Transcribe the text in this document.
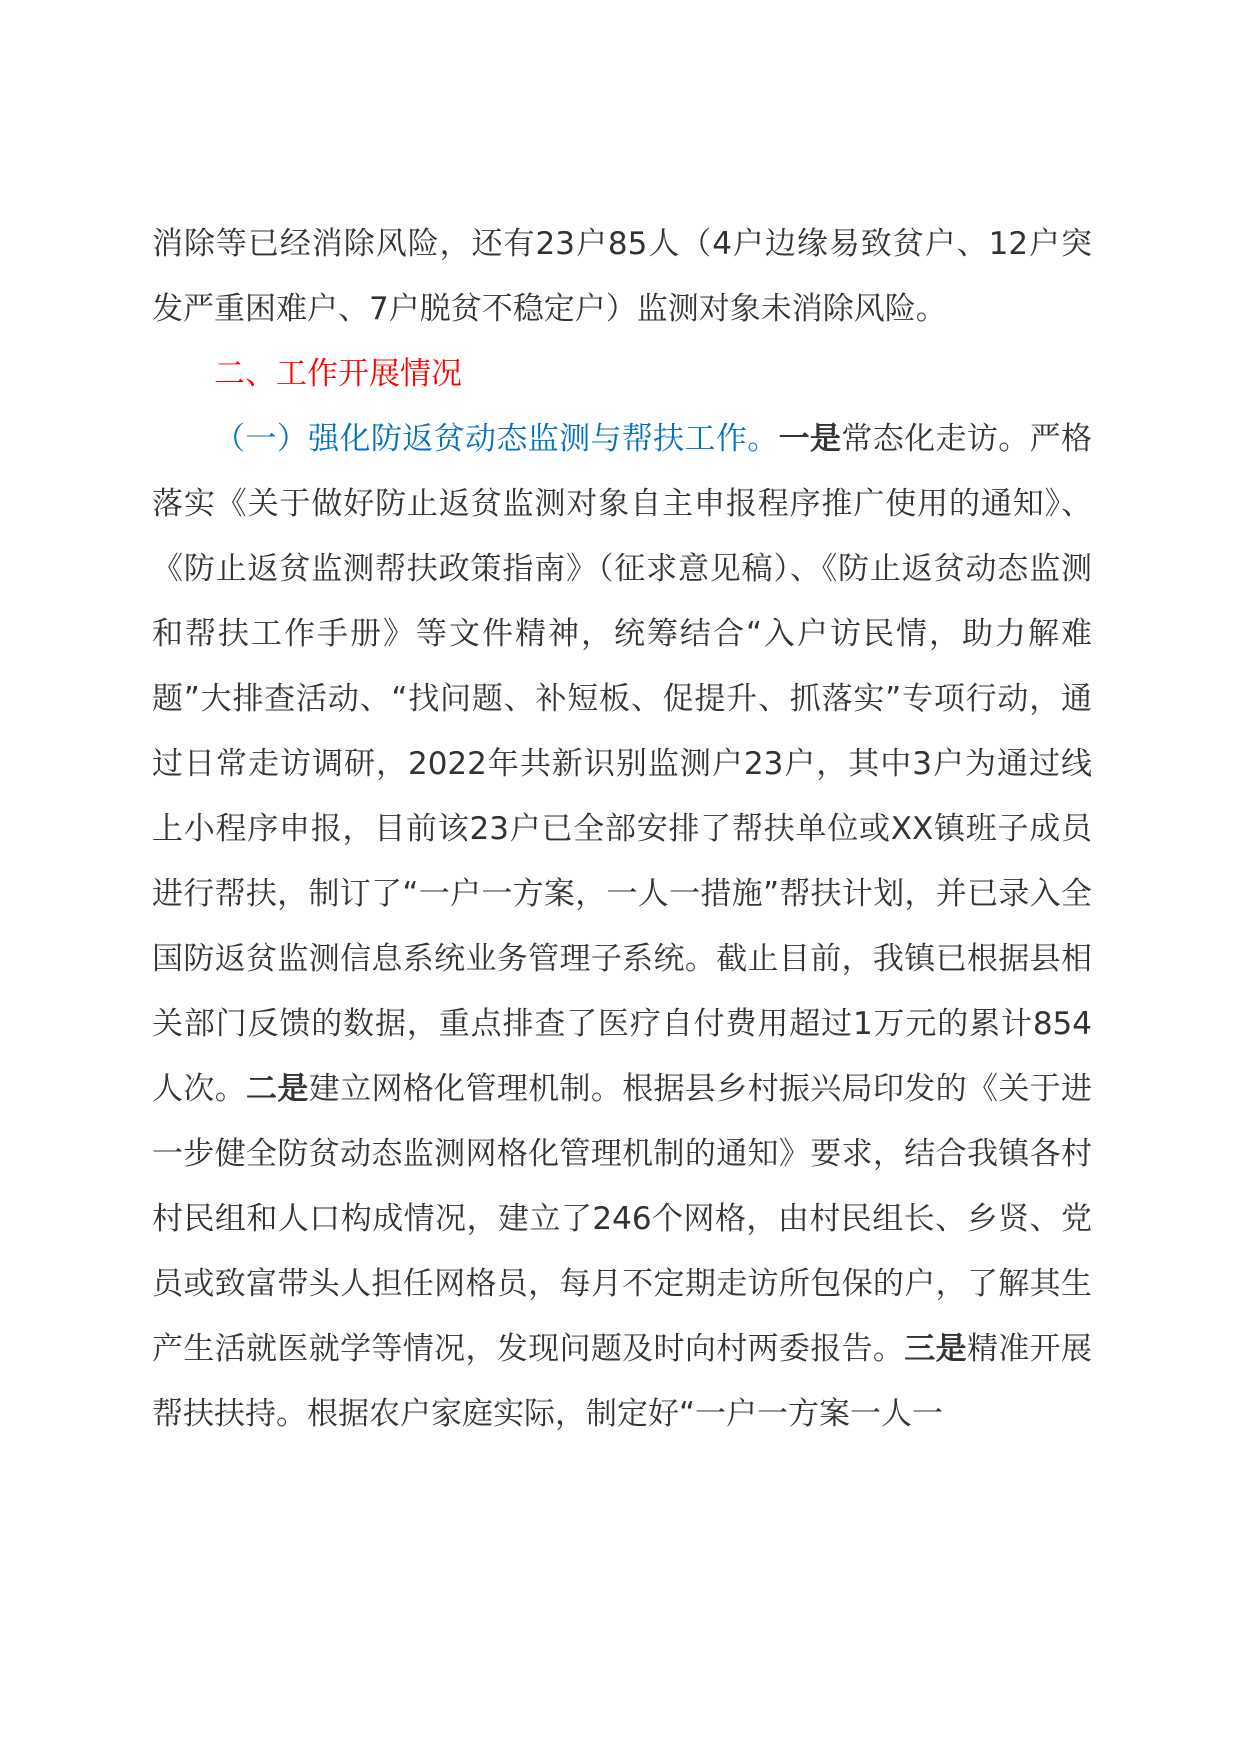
消除等已经消除风险，还有23户85人（4户边缘易致贫户、12户突发严重困难户、7户脱贫不稳定户）监测对象未消除风险。

二、工作开展情况

（一）强化防返贫动态监测与帮扶工作。一是常态化走访。严格落实《关于做好防止返贫监测对象自主申报程序推广使用的通知》、《防止返贫监测帮扶政策指南》（征求意见稿）、《防止返贫动态监测和帮扶工作手册》等文件精神，统筹结合“入户访民情，助力解难题”大排查活动、“找问题、补短板、促提升、抓落实”专项行动，通过日常走访调研，2022年共新识别监测户23户，其中3户为通过线上小程序申报，目前该23户已全部安排了帮扶单位或XX镇班子成员进行帮扶，制订了“一户一方案，一人一措施”帮扶计划，并已录入全国防返贫监测信息系统业务管理子系统。截止目前，我镇已根据县相关部门反馈的数据，重点排查了医疗自付费用超过1万元的累计854人次。二是建立网格化管理机制。根据县乡村振兴局印发的《关于进一步健全防贫动态监测网格化管理机制的通知》要求，结合我镇各村村民组和人口构成情况，建立了246个网格，由村民组长、乡贤、党员或致富带头人担任网格员，每月不定期走访所包保的户，了解其生产生活就医就学等情况，发现问题及时向村两委报告。三是精准开展帮扶扶持。根据农户家庭实际，制定好“一户一方案一人一
